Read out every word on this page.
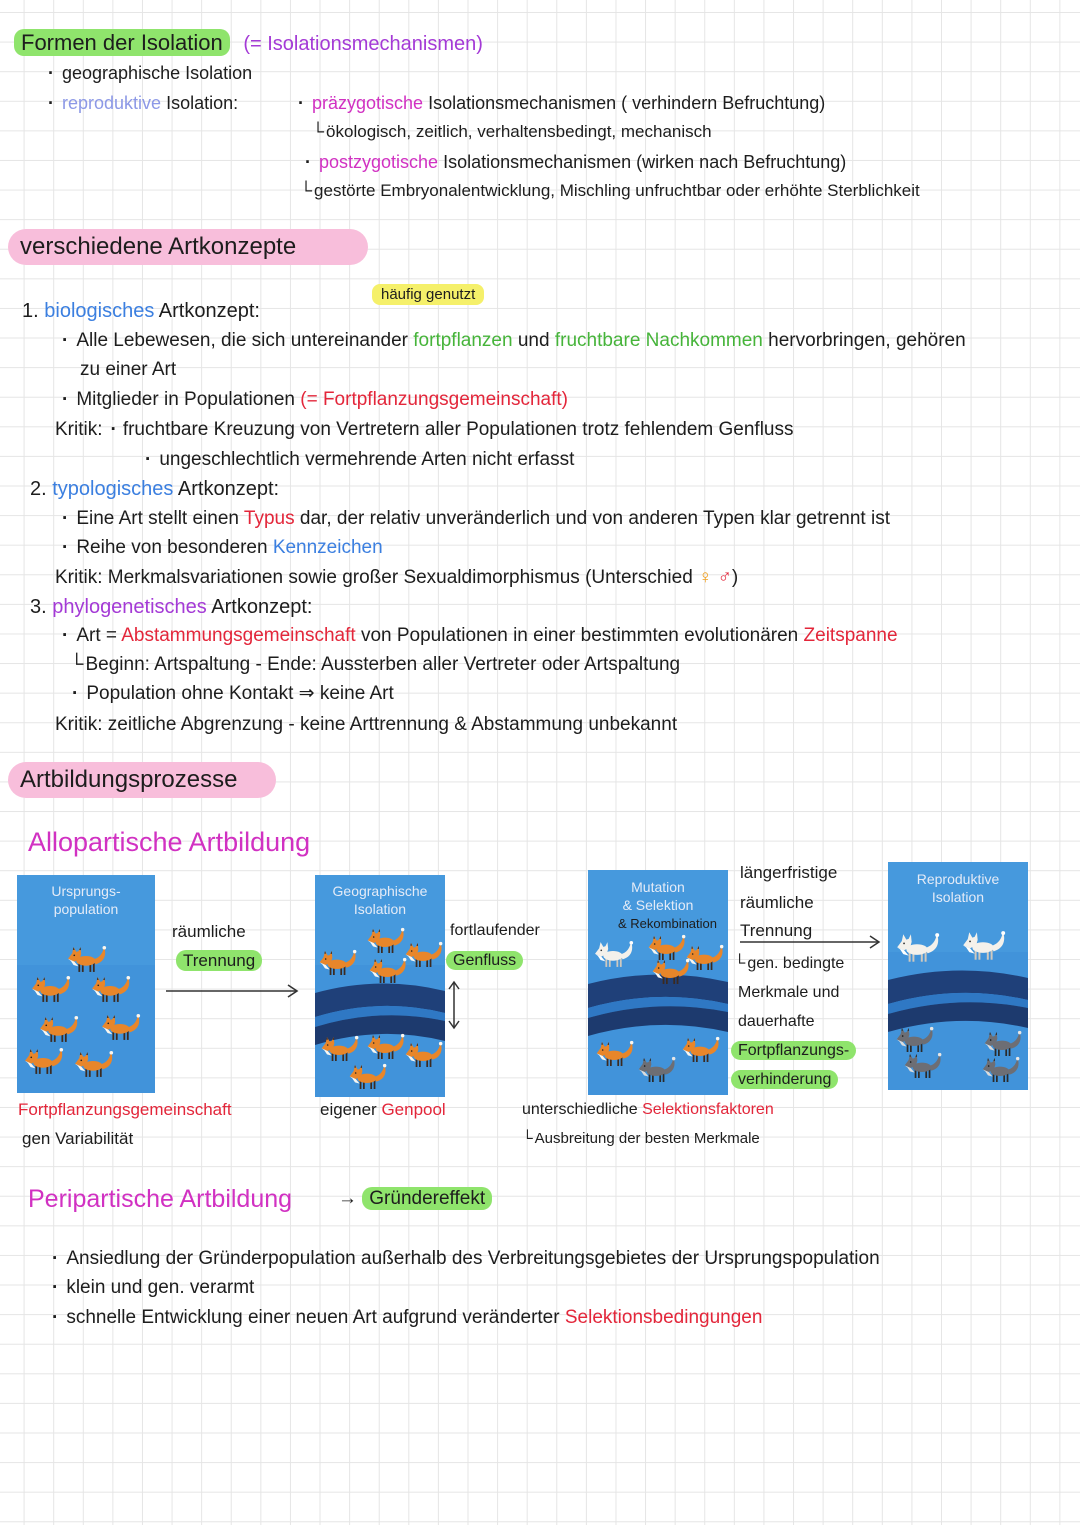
Formen der Isolation (= Isolationsmechanismen)
·geographische Isolation
·reproduktive Isolation: ·	präzygotische Isolationsmechanismen ( verhindern Befruchtung)
└ökologisch, zeitlich, verhaltensbedingt, mechanisch
·postzygotische Isolationsmechanismen (wirken nach Befruchtung)
└gestörte Embryonalentwicklung, Mischling unfruchtbar oder erhöhte Sterblichkeit
verschiedene Artkonzepte
häufig genutzt
1. biologisches Artkonzept:
·Alle Lebewesen, die sich untereinander fortpflanzen und fruchtbare Nachkommen hervorbringen, gehören
zu einer Art
·Mitglieder in Populationen (= Fortpflanzungsgemeinschaft)
Kritik: · fruchtbare Kreuzung von Vertretern aller Populationen trotz fehlendem Genfluss
·ungeschlechtlich vermehrende Arten nicht erfasst
2. typologisches Artkonzept:
·Eine Art stellt einen Typus dar, der relativ unveränderlich und von anderen Typen klar getrennt ist
·Reihe von besonderen Kennzeichen
Kritik: Merkmalsvariationen sowie großer Sexualdimorphismus (Unterschied ♀ ♂)
3. phylogenetisches Artkonzept:
·Art = Abstammungsgemeinschaft von Populationen in einer bestimmten evolutionären Zeitspanne
└Beginn: Artspaltung - Ende: Aussterben aller Vertreter oder Artspaltung
·Population ohne Kontakt ⇒ keine Art
Kritik: zeitliche Abgrenzung - keine Arttrennung & Abstammung unbekannt
Artbildungsprozesse
Allopartische Artbildung
Ursprungs-
population
räumliche
Trennung
Geographische
Isolation
fortlaufender
Genfluss
Mutation
& Selektion
& Rekombination
längerfristige
räumliche
Trennung
└gen. bedingte
Merkmale und
dauerhafte
Fortpflanzungs-
verhinderung
Reproduktive
Isolation
Fortpflanzungsgemeinschaft
gen Variabilität
eigener Genpool	unterschiedliche Selektionsfaktoren
└Ausbreitung der besten Merkmale
Peripartische Artbildung → Gründereffekt
·Ansiedlung der Gründerpopulation außerhalb des Verbreitungsgebietes der Ursprungspopulation
·klein und gen. verarmt
·schnelle Entwicklung einer neuen Art aufgrund veränderter Selektionsbedingungen
